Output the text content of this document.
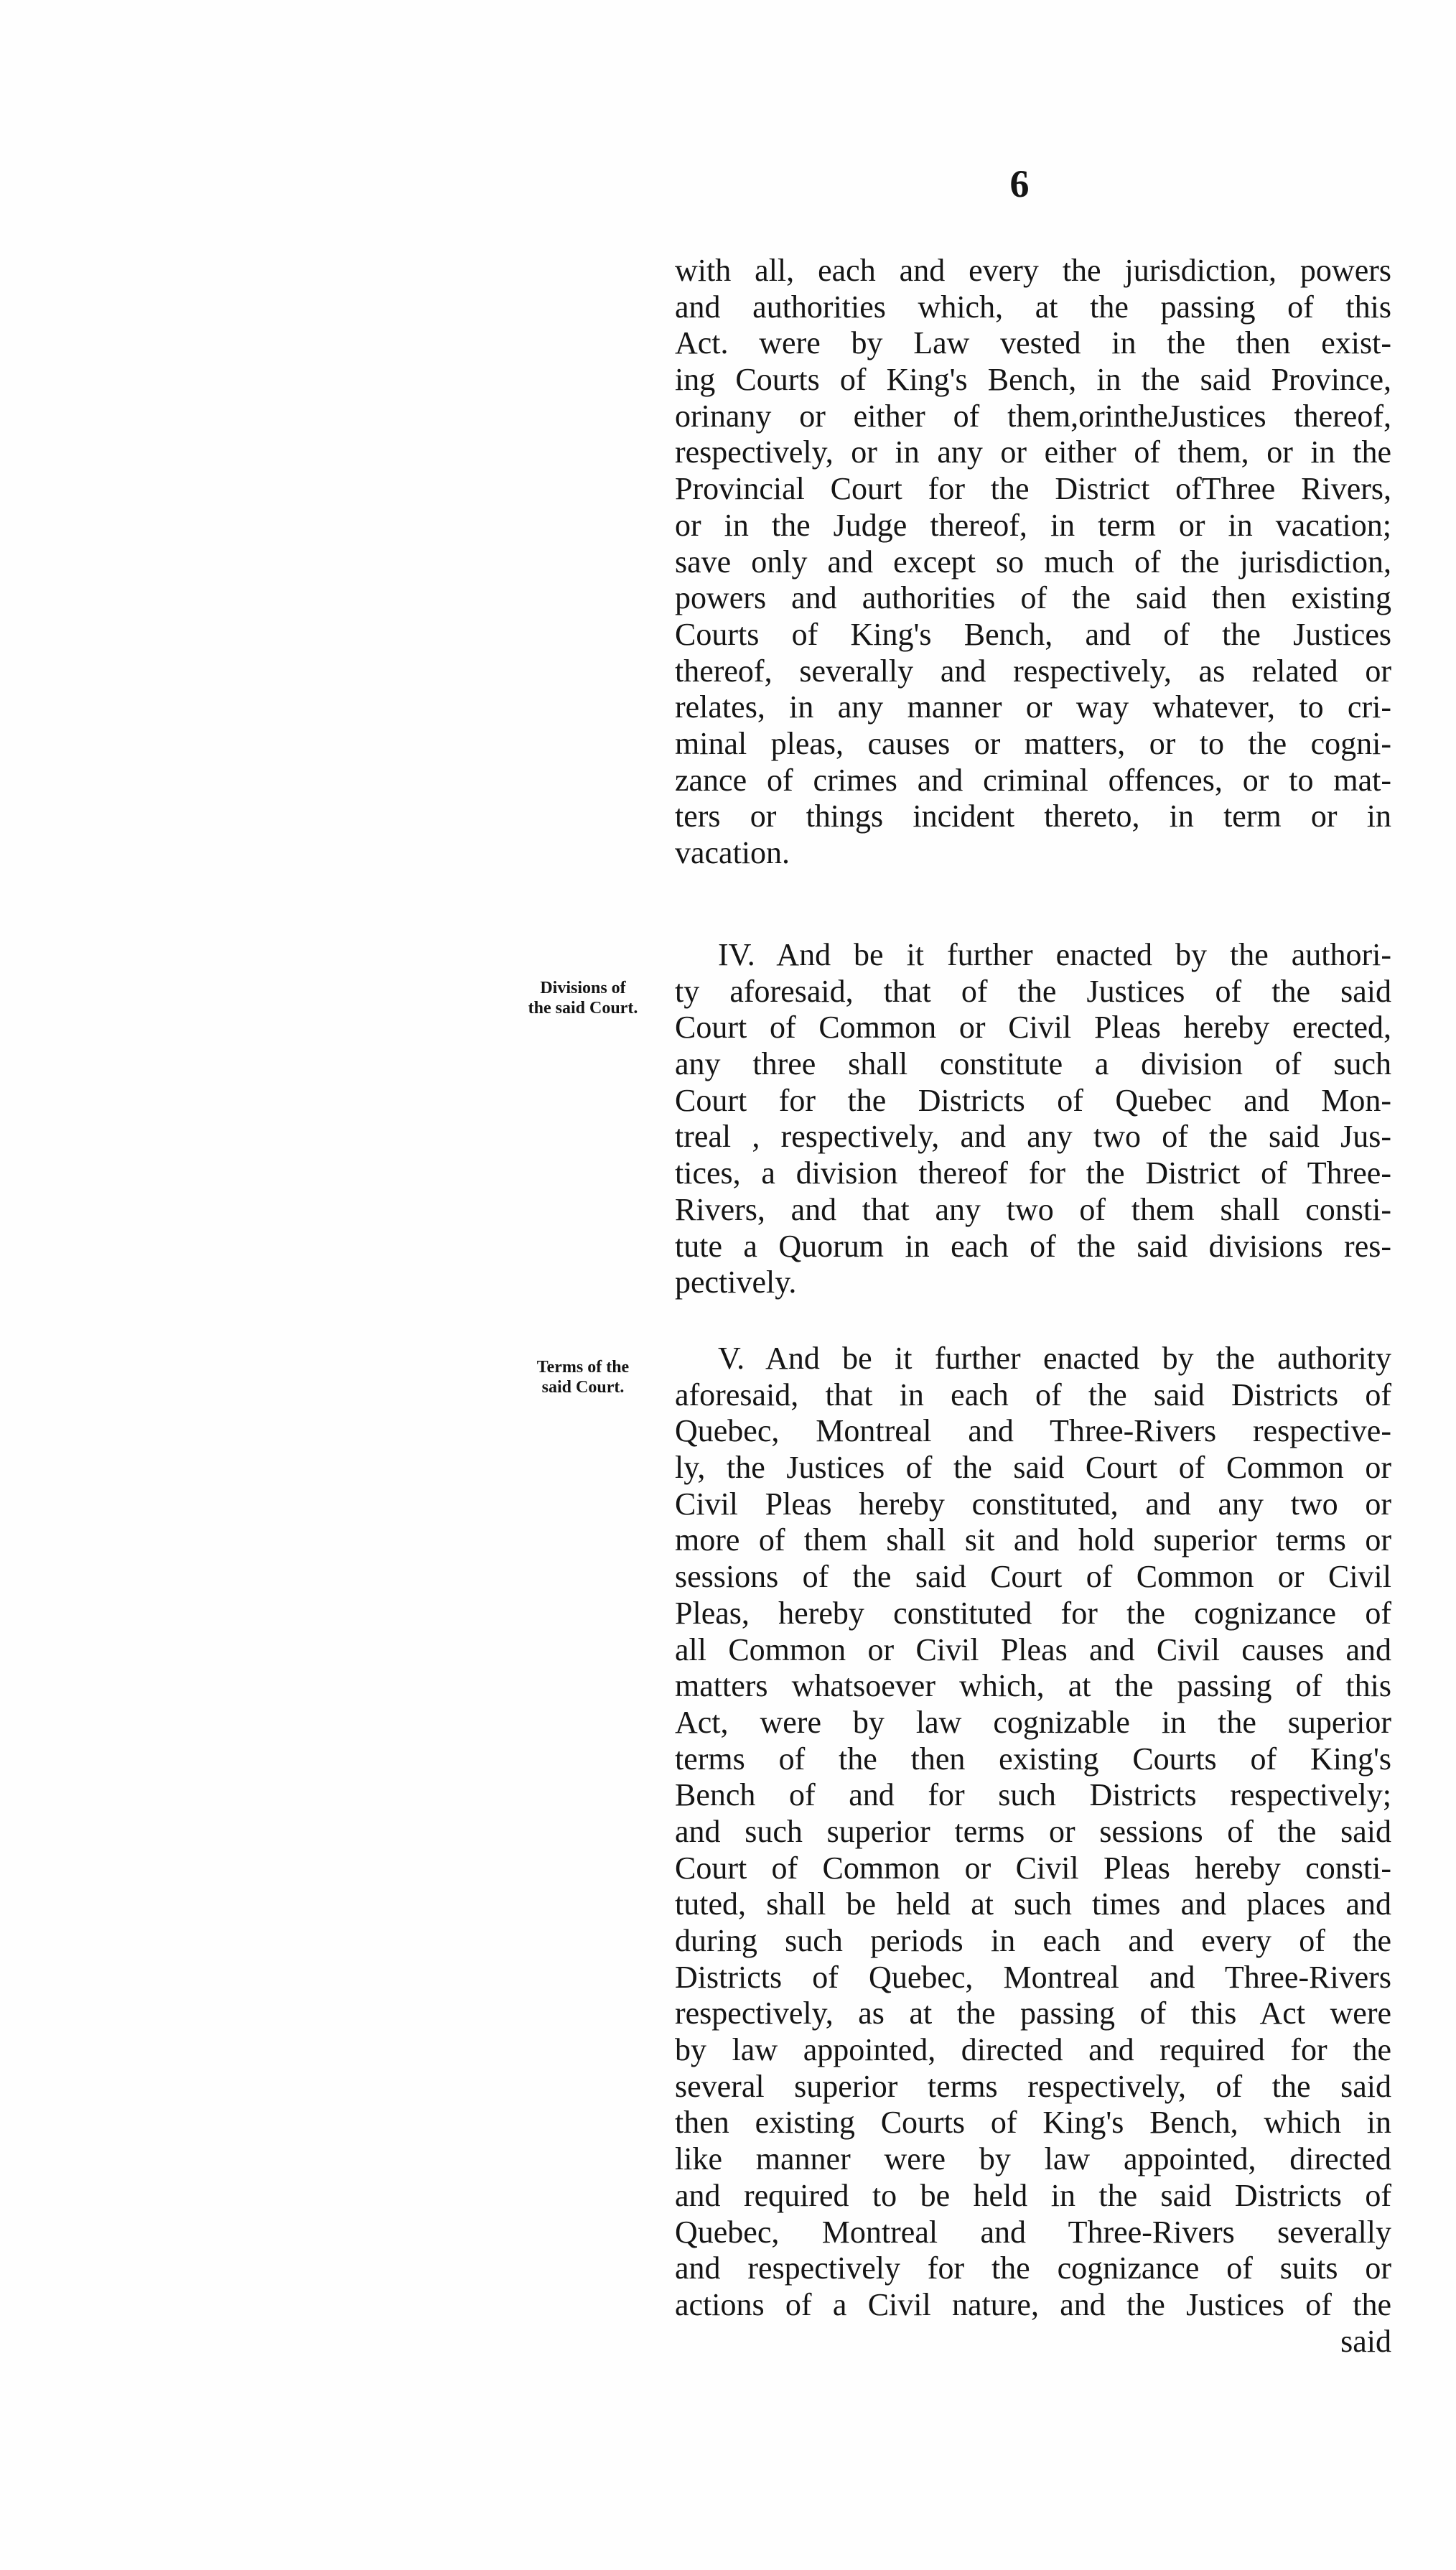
6
with all, each and every the jurisdiction, powers
and authorities which, at the passing of this
Act. were by Law vested in the then exist-
ing Courts of King's Bench, in the said Province,
orinany or either of them,orintheJustices thereof,
respectively, or in any or either of them, or in the
Provincial Court for the District ofThree Rivers,
or in the Judge thereof, in term or in vacation;
save only and except so much of the jurisdiction,
powers and authorities of the said then existing
Courts of King's Bench, and of the Justices
thereof, severally and respectively, as related or
relates, in any manner or way whatever, to cri-
minal pleas, causes or matters, or to the cogni-
zance of crimes and criminal offences, or to mat-
ters or things incident thereto, in term or in
vacation.
Divisions of
the said Court.
IV. And be it further enacted by the authori-
ty aforesaid, that of the Justices of the said
Court of Common or Civil Pleas hereby erected,
any three shall constitute a division of such
Court for the Districts of Quebec and Mon-
treal , respectively, and any two of the said Jus-
tices, a division thereof for the District of Three-
Rivers, and that any two of them shall consti-
tute a Quorum in each of the said divisions res-
pectively.
Terms of the
said Court.
V. And be it further enacted by the authority
aforesaid, that in each of the said Districts of
Quebec, Montreal and Three-Rivers respective-
ly, the Justices of the said Court of Common or
Civil Pleas hereby constituted, and any two or
more of them shall sit and hold superior terms or
sessions of the said Court of Common or Civil
Pleas, hereby constituted for the cognizance of
all Common or Civil Pleas and Civil causes and
matters whatsoever which, at the passing of this
Act, were by law cognizable in the superior
terms of the then existing Courts of King's
Bench of and for such Districts respectively;
and such superior terms or sessions of the said
Court of Common or Civil Pleas hereby consti-
tuted, shall be held at such times and places and
during such periods in each and every of the
Districts of Quebec, Montreal and Three-Rivers
respectively, as at the passing of this Act were
by law appointed, directed and required for the
several superior terms respectively, of the said
then existing Courts of King's Bench, which in
like manner were by law appointed, directed
and required to be held in the said Districts of
Quebec, Montreal and Three-Rivers severally
and respectively for the cognizance of suits or
actions of a Civil nature, and the Justices of the
said
